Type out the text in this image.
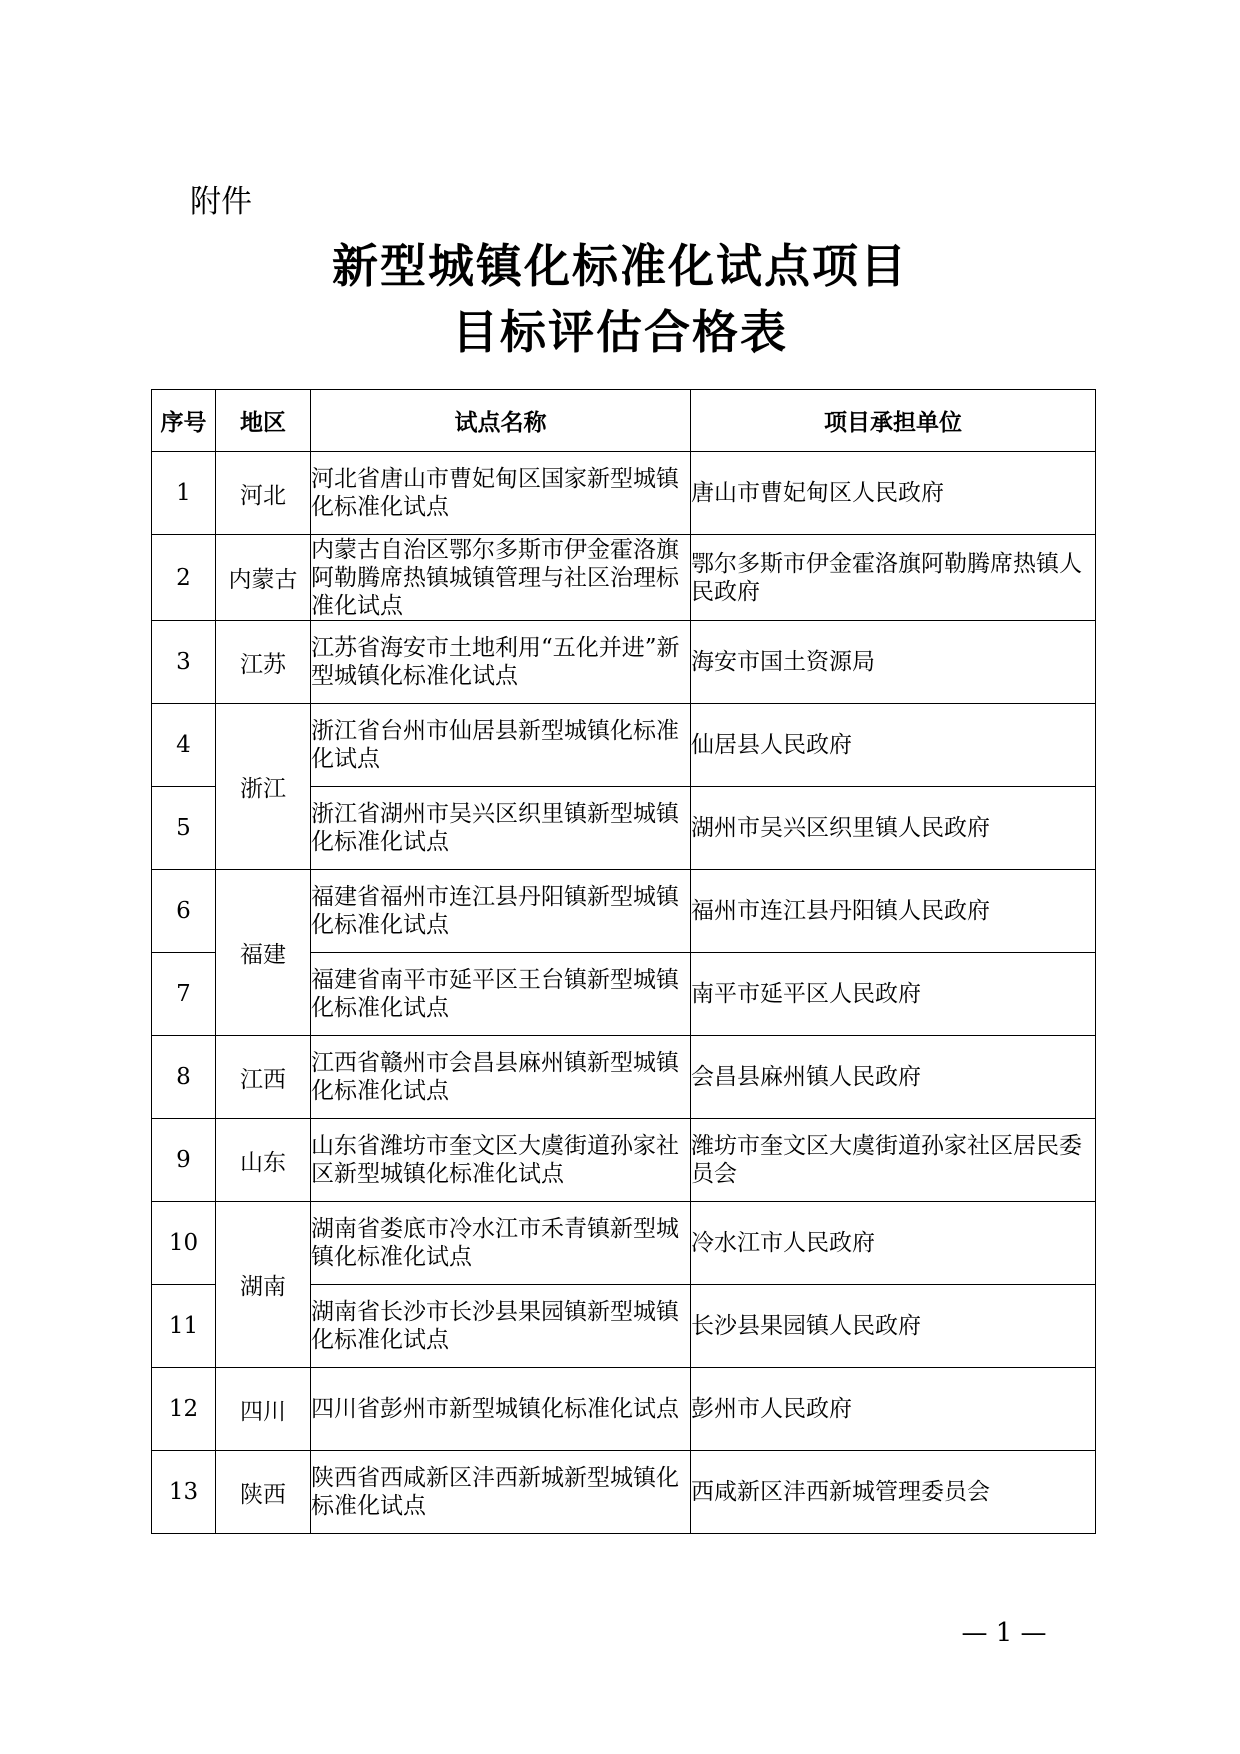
附件
新型城镇化标准化试点项目
目标评估合格表
序号	地区	试点名称	项目承担单位
1	河北	河北省唐山市曹妃甸区国家新型城镇化标准化试点	唐山市曹妃甸区人民政府
2	内蒙古	内蒙古自治区鄂尔多斯市伊金霍洛旗阿勒腾席热镇城镇管理与社区治理标准化试点	鄂尔多斯市伊金霍洛旗阿勒腾席热镇人民政府
3	江苏	江苏省海安市土地利用“五化并进”新型城镇化标准化试点	海安市国土资源局
4	浙江	浙江省台州市仙居县新型城镇化标准化试点	仙居县人民政府
5		浙江省湖州市吴兴区织里镇新型城镇化标准化试点	湖州市吴兴区织里镇人民政府
6	福建	福建省福州市连江县丹阳镇新型城镇化标准化试点	福州市连江县丹阳镇人民政府
7		福建省南平市延平区王台镇新型城镇化标准化试点	南平市延平区人民政府
8	江西	江西省赣州市会昌县麻州镇新型城镇化标准化试点	会昌县麻州镇人民政府
9	山东	山东省潍坊市奎文区大虞街道孙家社区新型城镇化标准化试点	潍坊市奎文区大虞街道孙家社区居民委员会
10	湖南	湖南省娄底市冷水江市禾青镇新型城镇化标准化试点	冷水江市人民政府
11		湖南省长沙市长沙县果园镇新型城镇化标准化试点	长沙县果园镇人民政府
12	四川	四川省彭州市新型城镇化标准化试点	彭州市人民政府
13	陕西	陕西省西咸新区沣西新城新型城镇化标准化试点	西咸新区沣西新城管理委员会
— 1 —
